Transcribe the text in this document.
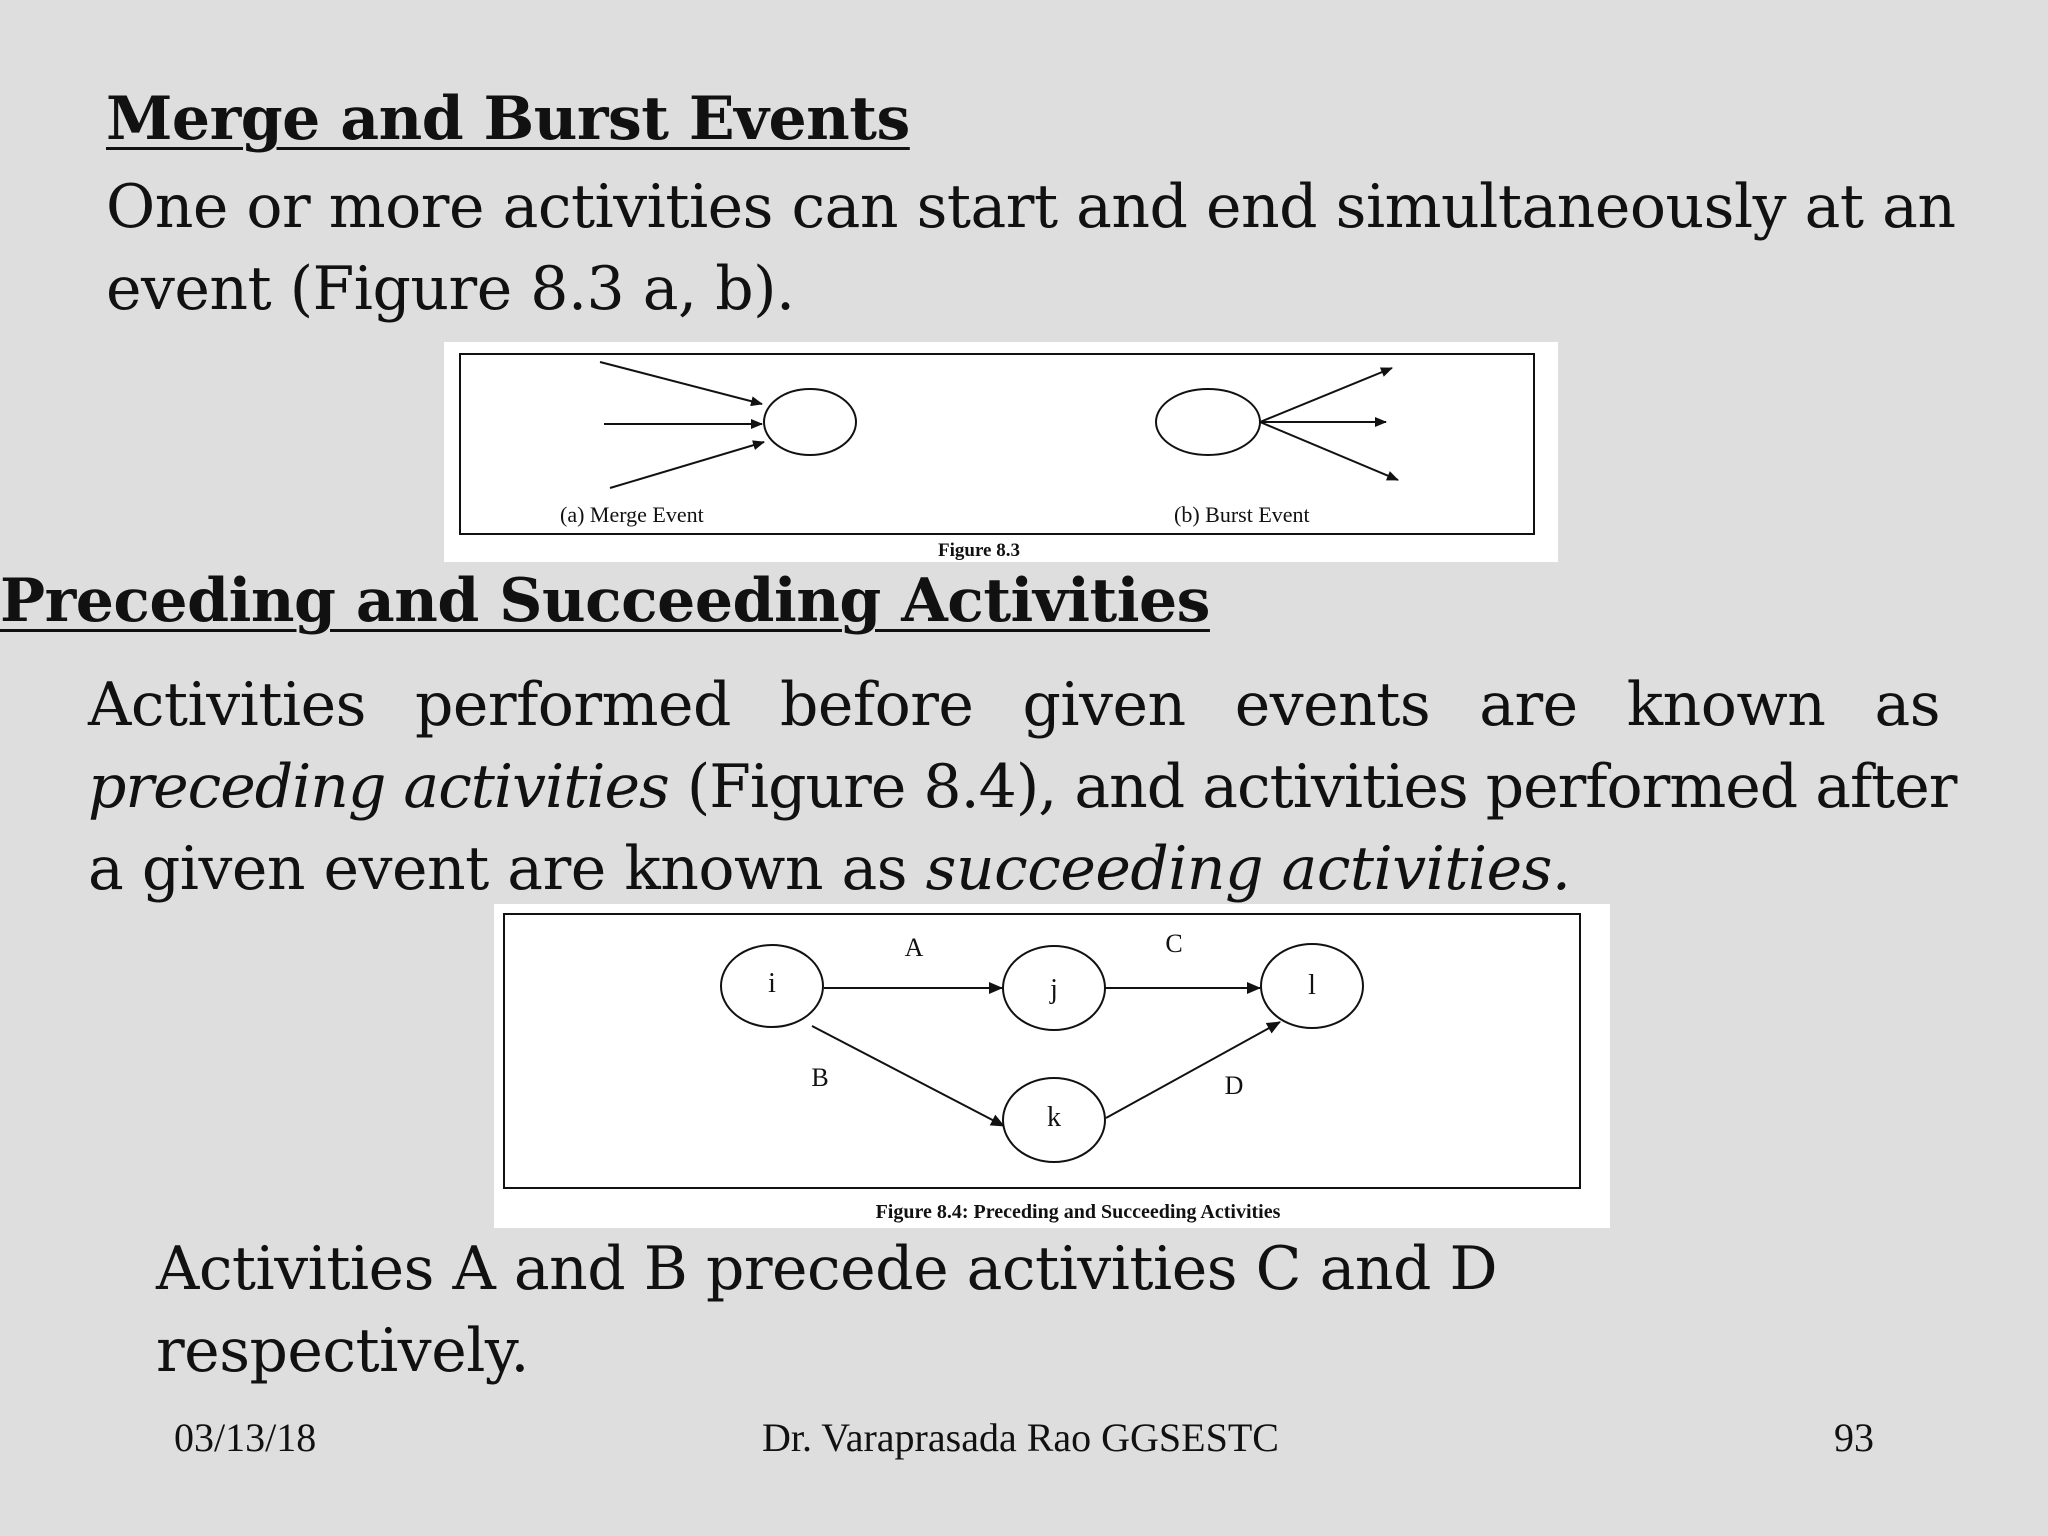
Merge and Burst Events
One or more activities can start and end simultaneously at an event (Figure 8.3 a, b).
(a) Merge Event	(b) Burst Event
Figure 8.3
Preceding and Succeeding Activities
Activities performed before given events are known as
preceding activities (Figure 8.4), and activities performed after
a given event are known as succeeding activities.
i	j	l
k
A	C
B	D
Figure 8.4: Preceding and Succeeding Activities
Activities A and B precede activities C and D respectively.
03/13/18	Dr. Varaprasada Rao GGSESTC	93
